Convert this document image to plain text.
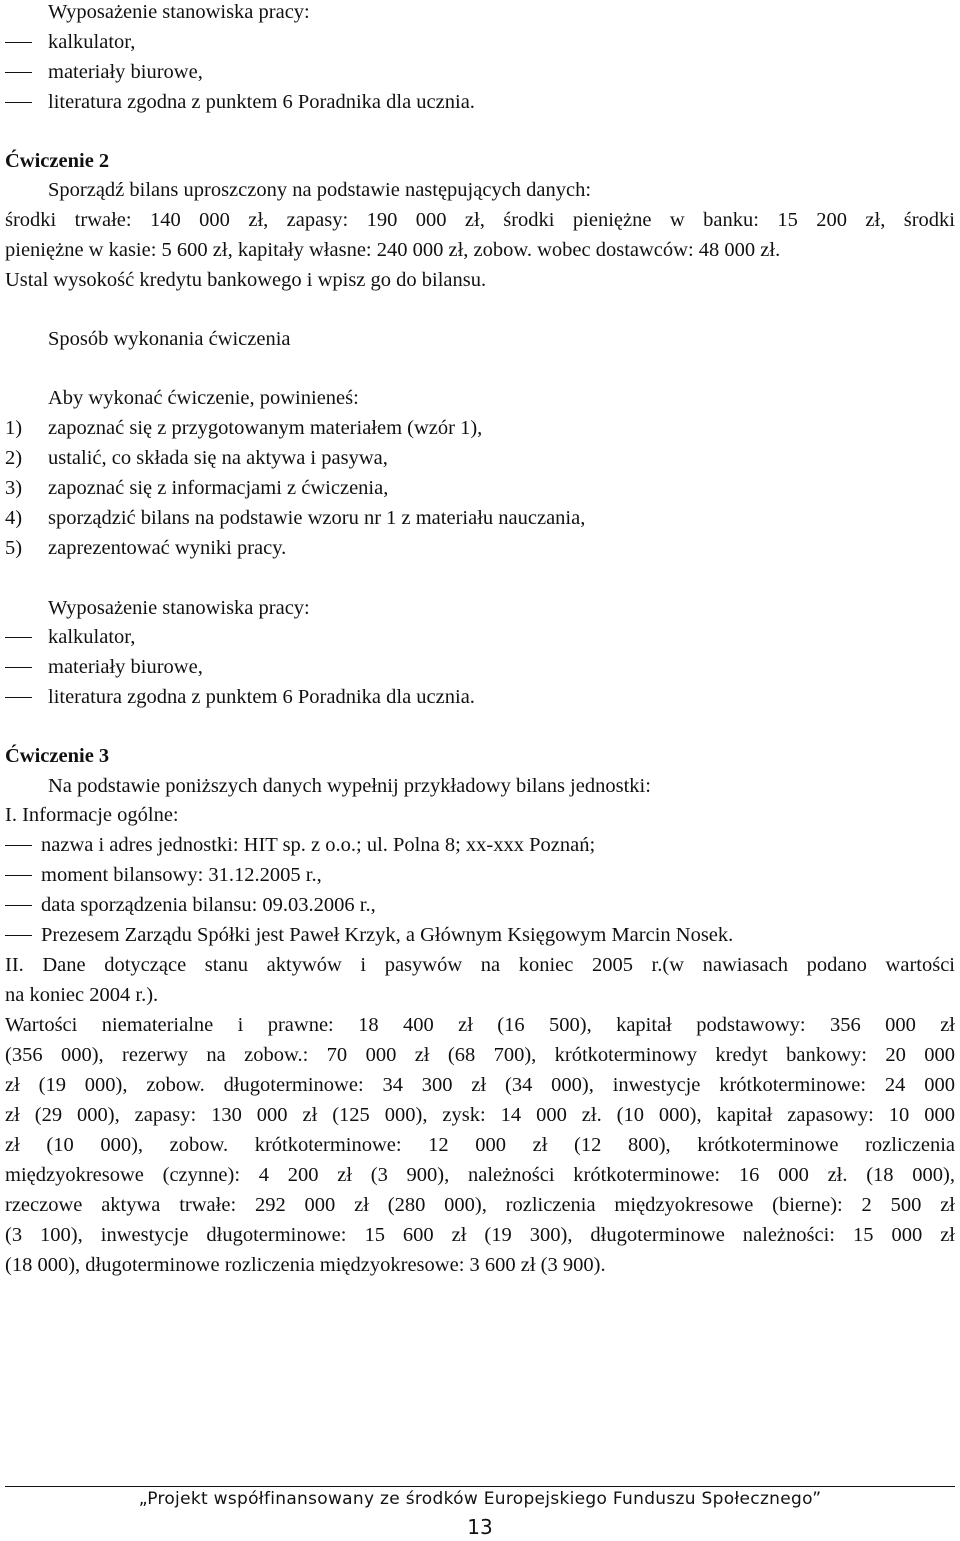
Wyposażenie stanowiska pracy:
kalkulator,
materiały biurowe,
literatura zgodna z punktem 6 Poradnika dla ucznia.
Ćwiczenie 2
Sporządź bilans uproszczony na podstawie następujących danych:
środki trwałe: 140 000 zł, zapasy: 190 000 zł, środki pieniężne w banku: 15 200 zł, środki
pieniężne w kasie: 5 600 zł, kapitały własne: 240 000 zł, zobow. wobec dostawców: 48 000 zł.
Ustal wysokość kredytu bankowego i wpisz go do bilansu.
Sposób wykonania ćwiczenia
Aby wykonać ćwiczenie, powinieneś:
1) zapoznać się z przygotowanym materiałem (wzór 1),
2) ustalić, co składa się na aktywa i pasywa,
3) zapoznać się z informacjami z ćwiczenia,
4) sporządzić bilans na podstawie wzoru nr 1 z materiału nauczania,
5) zaprezentować wyniki pracy.
Wyposażenie stanowiska pracy:
kalkulator,
materiały biurowe,
literatura zgodna z punktem 6 Poradnika dla ucznia.
Ćwiczenie 3
Na podstawie poniższych danych wypełnij przykładowy bilans jednostki:
I. Informacje ogólne:
nazwa i adres jednostki: HIT sp. z o.o.; ul. Polna 8; xx-xxx Poznań;
moment bilansowy: 31.12.2005 r.,
data sporządzenia bilansu: 09.03.2006 r.,
Prezesem Zarządu Spółki jest Paweł Krzyk, a Głównym Księgowym Marcin Nosek.
II. Dane dotyczące stanu aktywów i pasywów na koniec 2005 r.(w nawiasach podano wartości
na koniec 2004 r.).
Wartości niematerialne i prawne: 18 400 zł (16 500), kapitał podstawowy: 356 000 zł
(356 000), rezerwy na zobow.: 70 000 zł (68 700), krótkoterminowy kredyt bankowy: 20 000
zł (19 000), zobow. długoterminowe: 34 300 zł (34 000), inwestycje krótkoterminowe: 24 000
zł (29 000), zapasy: 130 000 zł (125 000), zysk: 14 000 zł. (10 000), kapitał zapasowy: 10 000
zł (10 000), zobow. krótkoterminowe: 12 000 zł (12 800), krótkoterminowe rozliczenia
międzyokresowe (czynne): 4 200 zł (3 900), należności krótkoterminowe: 16 000 zł. (18 000),
rzeczowe aktywa trwałe: 292 000 zł (280 000), rozliczenia międzyokresowe (bierne): 2 500 zł
(3 100), inwestycje długoterminowe: 15 600 zł (19 300), długoterminowe należności: 15 000 zł
(18 000), długoterminowe rozliczenia międzyokresowe: 3 600 zł (3 900).
„Projekt współfinansowany ze środków Europejskiego Funduszu Społecznego”
13
